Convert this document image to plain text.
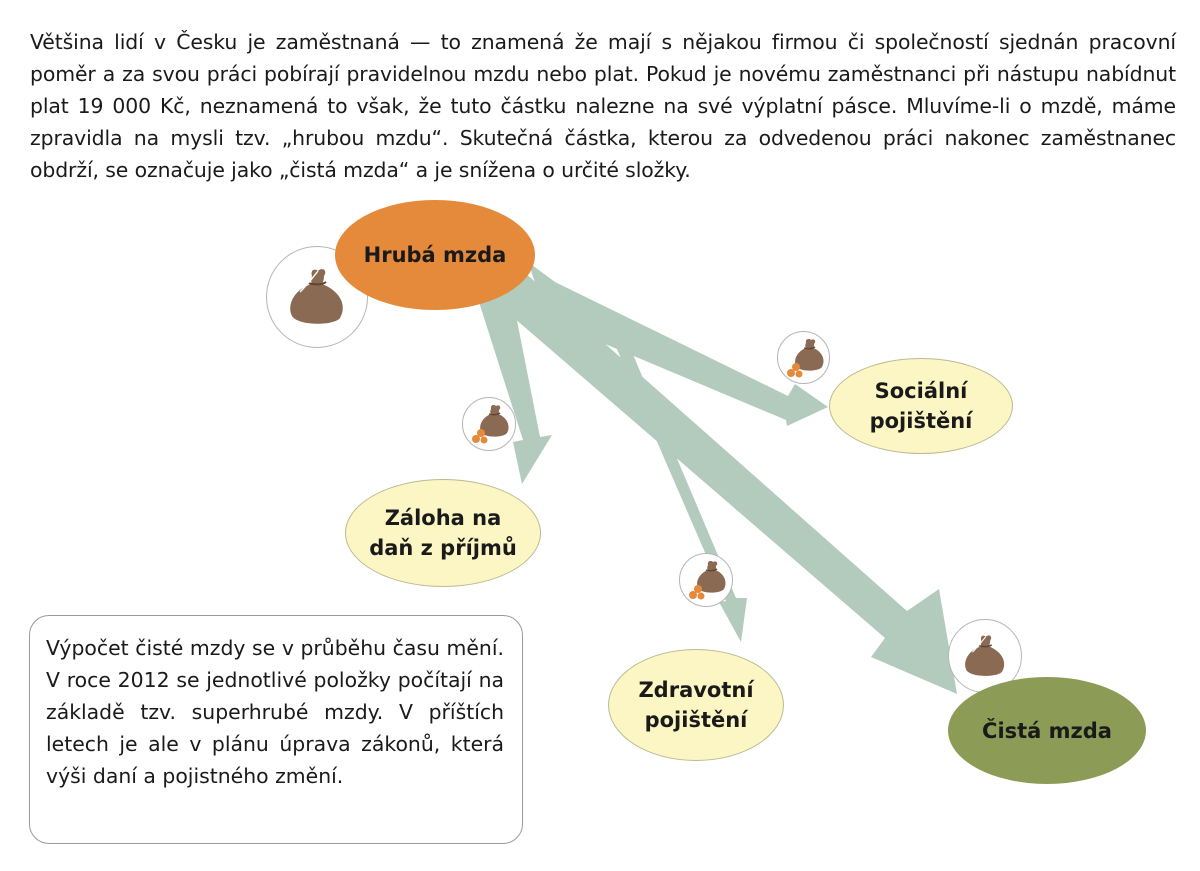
Většina lidí v Česku je zaměstnaná — to znamená že mají s nějakou firmou či společností sjednán pracovní poměr a za svou práci pobírají pravidelnou mzdu nebo plat. Pokud je novému zaměstnanci při nástupu nabídnut plat 19 000 Kč, neznamená to však, že tuto částku nalezne na své výplatní pásce. Mluvíme-li o mzdě, máme zpravidla na mysli tzv. „hrubou mzdu“. Skutečná částka, kterou za odvedenou práci nakonec zaměstnanec obdrží, se označuje jako „čistá mzda“ a je snížena o určité složky.

Hrubá mzda
Sociální
pojištění
Záloha na
daň z příjmů
Zdravotní
pojištění	Čistá mzda

Výpočet čisté mzdy se v průběhu času mění. V roce 2012 se jednotlivé položky počítají na základě tzv. superhrubé mzdy. V příštích letech je ale v plánu úprava zákonů, která výši daní a pojistného změní.
